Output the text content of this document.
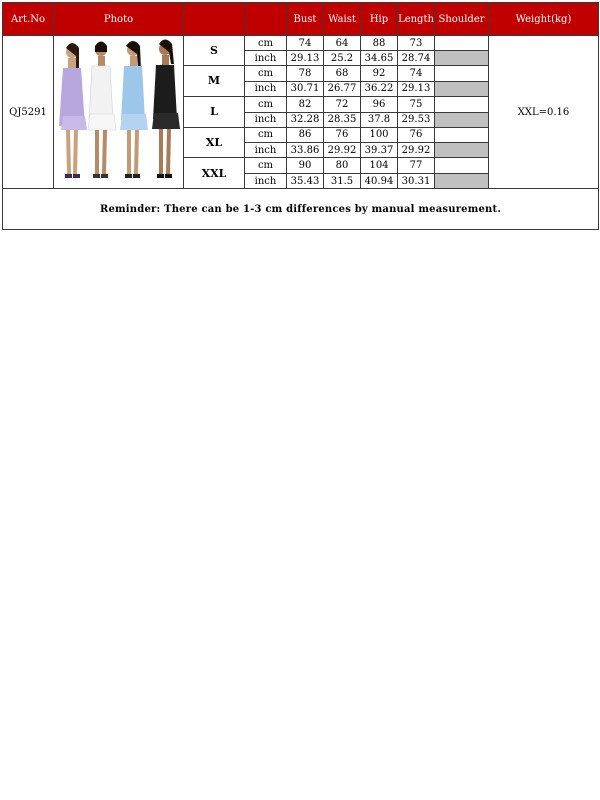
Art.No	Photo			Bust	Waist	Hip	Length	Shoulder	Weight(kg)
QJ5291		S	cm	74	64	88	73		XXL=0.16
			inch	29.13	25.2	34.65	28.74		
		M	cm	78	68	92	74		
			inch	30.71	26.77	36.22	29.13		
		L	cm	82	72	96	75		
			inch	32.28	28.35	37.8	29.53		
		XL	cm	86	76	100	76		
			inch	33.86	29.92	39.37	29.92		
		XXL	cm	90	80	104	77		
			inch	35.43	31.5	40.94	30.31		
Reminder: There can be 1-3 cm differences by manual measurement.									
